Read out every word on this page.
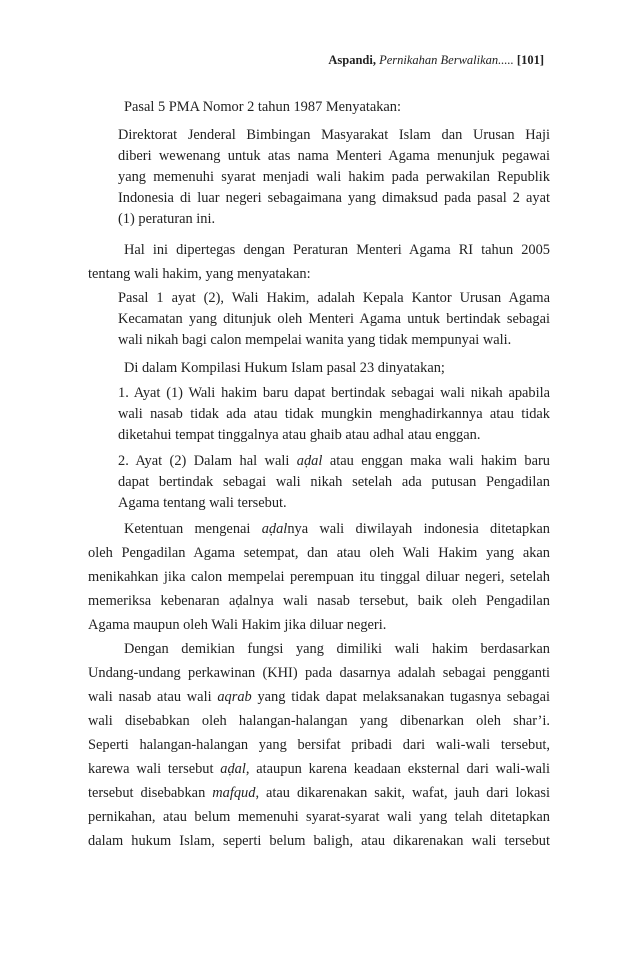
Aspandi, Pernikahan Berwalikan..... [101]
Pasal 5 PMA Nomor 2 tahun 1987 Menyatakan:
Direktorat Jenderal Bimbingan Masyarakat Islam dan Urusan Haji
diberi wewenang untuk atas nama Menteri Agama menunjuk pegawai
yang memenuhi syarat menjadi wali hakim pada perwakilan Republik
Indonesia di luar negeri sebagaimana yang dimaksud pada pasal 2 ayat
(1) peraturan ini.
Hal ini dipertegas dengan Peraturan Menteri Agama RI tahun 2005
tentang wali hakim, yang menyatakan:
Pasal 1 ayat (2), Wali Hakim, adalah Kepala Kantor Urusan Agama
Kecamatan yang ditunjuk oleh Menteri Agama untuk bertindak sebagai
wali nikah bagi calon mempelai wanita yang tidak mempunyai wali.
Di dalam Kompilasi Hukum Islam pasal 23 dinyatakan;
1. Ayat (1) Wali hakim baru dapat bertindak sebagai wali nikah apabila
wali nasab tidak ada atau tidak mungkin menghadirkannya atau tidak
diketahui tempat tinggalnya atau ghaib atau adhal atau enggan.
2. Ayat (2) Dalam hal wali aḍal atau enggan maka wali hakim baru
dapat bertindak sebagai wali nikah setelah ada putusan Pengadilan
Agama tentang wali tersebut.
Ketentuan mengenai aḍalnya wali diwilayah indonesia ditetapkan
oleh Pengadilan Agama setempat, dan atau oleh Wali Hakim yang akan
menikahkan jika calon mempelai perempuan itu tinggal diluar negeri, setelah
memeriksa kebenaran aḍalnya wali nasab tersebut, baik oleh Pengadilan
Agama maupun oleh Wali Hakim jika diluar negeri.
Dengan demikian fungsi yang dimiliki wali hakim berdasarkan
Undang-undang perkawinan (KHI) pada dasarnya adalah sebagai pengganti
wali nasab atau wali aqrab yang tidak dapat melaksanakan tugasnya sebagai
wali disebabkan oleh halangan-halangan yang dibenarkan oleh shar’i.
Seperti halangan-halangan yang bersifat pribadi dari wali-wali tersebut,
karewa wali tersebut aḍal, ataupun karena keadaan eksternal dari wali-wali
tersebut disebabkan mafqud, atau dikarenakan sakit, wafat, jauh dari lokasi
pernikahan, atau belum memenuhi syarat-syarat wali yang telah ditetapkan
dalam hukum Islam, seperti belum baligh, atau dikarenakan wali tersebut
